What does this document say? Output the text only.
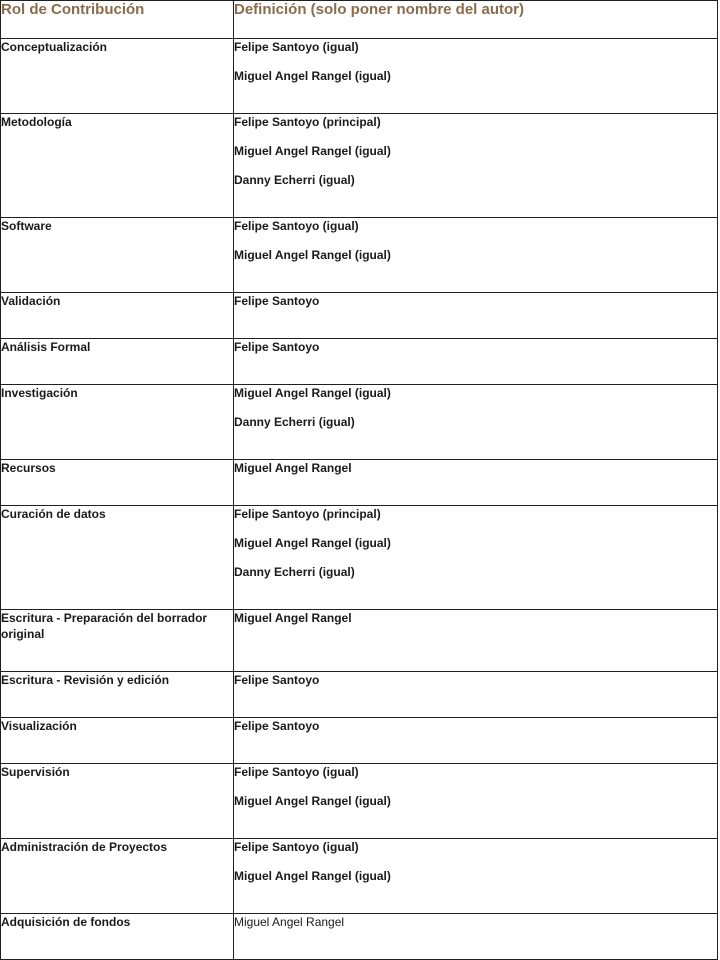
Rol de Contribución	Definición (solo poner nombre del autor)
Conceptualización	Felipe Santoyo (igual)
Miguel Angel Rangel (igual)

Metodología	Felipe Santoyo (principal)
Miguel Angel Rangel (igual)
Danny Echerri (igual)

Software	Felipe Santoyo (igual)
Miguel Angel Rangel (igual)

Validación	Felipe Santoyo

Análisis Formal	Felipe Santoyo

Investigación	Miguel Angel Rangel (igual)
Danny Echerri (igual)

Recursos	Miguel Angel Rangel

Curación de datos	Felipe Santoyo (principal)
Miguel Angel Rangel (igual)
Danny Echerri (igual)

Escritura - Preparación del borrador original	Miguel Angel Rangel

Escritura - Revisión y edición	Felipe Santoyo

Visualización	Felipe Santoyo

Supervisión	Felipe Santoyo (igual)
Miguel Angel Rangel (igual)

Administración de Proyectos	Felipe Santoyo (igual)
Miguel Angel Rangel (igual)

Adquisición de fondos	Miguel Angel Rangel
